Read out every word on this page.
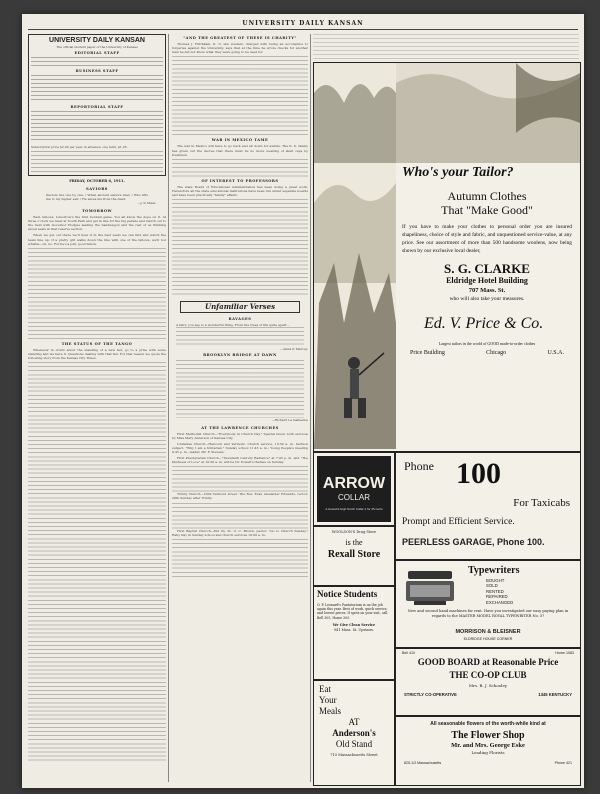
UNIVERSITY DAILY KANSAN
UNIVERSITY DAILY KANSAN
The official student paper of the University of Kansas
EDITORIAL STAFF
BUSINESS STAFF
REPORTORIAL STAFF
Subscription price $2.00 per year, in advance; one term, $1.25.
FRIDAY, OCTOBER 6, 1911.
SAVIORS
Saviors live one by one, / When ancient saviors bled, / Who lifts me to my higher self, / He saves me from the dead.
—J. P. Shaw.
TOMORROW

Well, fellows, tomorrow's the first football game. You all know the dope on it. At three o'clock we meet at South Park and get in line for the big parade and march out to the field with Governor Hodges leading the bandwagon and the rest of us thinking about seats in that reserve section.

When we get out there we'll hear it in the best seats we can find and watch the team line up. If a pretty girl walks down the line with one of the fellows, we'll not whistle—oh, no. For he's a jolly good fellow.

THE STATUS OF THE TANGO

Whenever in doubt about the standing of a new fad, go to a prize with some standing and we have it. Questions dealing with that fad. For that reason we quote the following story from the Kansas City Times.

"AND THE GREATEST OF THESE IS CHARITY"

Thomas J. Hitchkam, K. U. law student, charged with being an accomplice to forgeries against the University, says that at the time he wrote checks for another man he did not know what they were going to be used for.

WAR IN MEXICO TAME

The war in Mexico will have to go back and sit down for awhile. The K. U. family has given out the decree that there must be no more wearing of skull caps by freshmen.

OF INTEREST TO PROFESSORS

The state Board of Educational Administration has been doing a great work. Heretofore all the state educational institutions have been run under separate boards and have been practically "family" affairs.

Unfamiliar Verses
RAVAGES
A fairy, you say, is a wonderful thing, From the trees of life quite apart...
—Anna P. Marvey.
BROOKLYN BRIDGE AT DAWN
—Richard Le Gallienne
AT THE LAWRENCE CHURCHES

First Methodist Church—"Everybody in Church Day." Special music both services by Miss Mary Anderson of Kansas City.

Unitarian Church—Hancock and Vermont. Church service, 10:30 a. m. Sermon subject, "Why I am a Unitarian." Sunday school 11:45 a. m.; Young People's meeting 6:45 p. m., leader, Mr. F. Stevens.

First Presbyterian Church—"Twentieth Century Radiance" at 7:45 p. m. and "The Kindness of Love" at 10:30 a. m. will be Dr. Powell's themes on Sunday.

Trinity Church—1009 Vermont street. The Rev. Evan Alexander Edwards, rector; 28th Sunday after Trinity.

First Baptist Church—801 Ky. St. O. C. Brown, pastor. "Go to Church Sunday." Rally Day in Sunday school and church services 10:00 a. m.

Who's your Tailor?
Autumn Clothes
That "Make Good"
If you have to make your clothes to personal order you are insured shapeliness, choice of style and fabric, and unquestioned service-value, at any price. See our assortment of more than 500 handsome woolens, now being shown by our exclusive local dealer,
S. G. CLARKE
Eldridge Hotel Building
707 Mass. St.
who will also take your measures.
Ed. V. Price & Co.
Largest tailors in the world of GOOD made-to-order clothes
Price Building	Chicago	U.S.A.
ARROW
COLLAR
A Graceful High Notch Collar 2 for 25 cents
Phone 100
For Taxicabs
Prompt and Efficient Service.
PEERLESS GARAGE, Phone 100.
WOOLSON'S Drug Store
is the
Rexall Store
Notice Students
O. P. Leonard's Pantatorium is on the job again this year. Best of work, quick service, and lowest prices. If spots on your suit, call Bell 305, Home 305.
We Give Clean Service
941 Mass. St. Upstairs.
Typewriters
BOUGHT
SOLD
RENTED
REPAIRED
EXCHANGED
New and second hand machines for rent. Have you investigated our easy paying plan in regards to the MASTER MODEL ROYAL TYPEWRITER No. 5?
MORRISON & BLEISNER
ELDRIDGE HOUSE CORNER
Eat
Your
Meals
AT
Anderson's
Old Stand
715 Massachusetts Street
Bell 410	Home 1083
GOOD BOARD at Reasonable Price
THE CO-OP CLUB
Mrs. B. J. Schooley
STRICTLY CO-OPERATIVE	1345 KENTUCKY
All seasonable flowers of the worth-while kind at
The Flower Shop
Mr. and Mrs. George Eske
Leading Florists
825-1/2 Massachusetts	Phone 421
